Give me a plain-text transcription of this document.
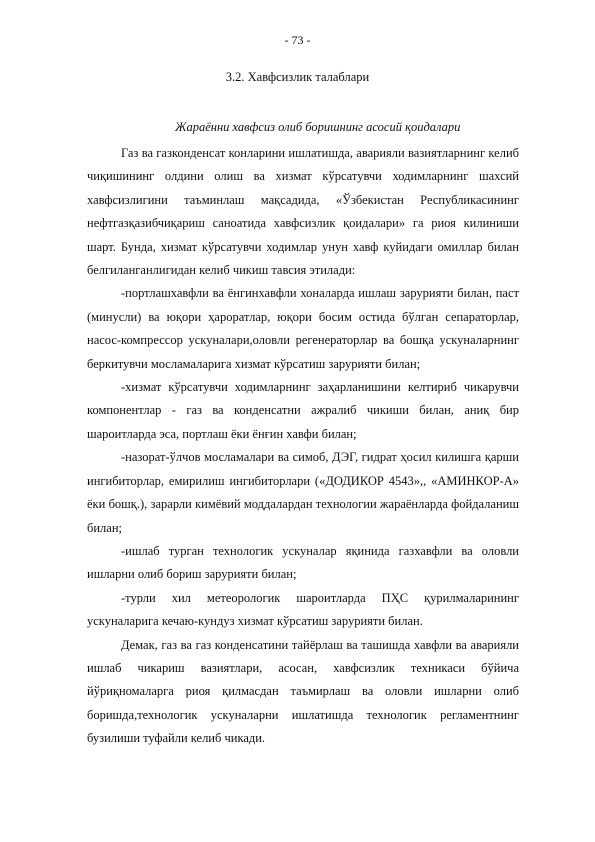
- 73 -
3.2. Хавфсизлик талаблари
Жараённи хавфсиз олиб боришнинг асосий қоидалари

Газ ва газконденсат конларини ишлатишда, аварияли вазиятларнинг келиб чиқишининг олдини олиш ва хизмат кўрсатувчи ходимларнинг шахсий хавфсизлигини таъминлаш мақсадида, «Ўзбекистан Республикасининг нефтгазқазибчиқариш саноатида хавфсизлик қоидалари» га риоя килиниши шарт. Бунда, хизмат кўрсатувчи ходимлар унун хавф куйидаги омиллар билан белгиланганлигидан келиб чикиш тавсия этилади:

-портлашхавфли ва ёнгинхавфли хоналарда ишлаш зарурияти билан, паст (минусли) ва юқори ҳароратлар, юқори босим остида бўлган сепараторлар, насос-компрессор ускуналари,оловли регенераторлар ва бошқа ускуналарнинг беркитувчи мосламаларига хизмат кўрсатиш зарурияти билан;

-хизмат кўрсатувчи ходимларнинг заҳарланишини келтириб чикарувчи компонентлар - газ ва конденсатни ажралиб чикиши билан, аниқ бир шароитларда эса, портлаш ёки ёнғин хавфи билан;

-назорат-ўлчов мосламалари ва симоб, ДЭГ, гидрат ҳосил килишга қарши ингибиторлар, емирилиш ингибиторлари («ДОДИКОР 4543»,, «АМИНКОР-А» ёки бошқ.), зарарли кимёвий моддалардан технологии жараёнларда фойдаланиш билан;

-ишлаб турган технологик ускуналар яқинида газхавфли ва оловли ишларни олиб бориш зарурияти билан;

-турли хил метеорологик шароитларда ПҲС қурилмаларининг ускуналарига кечаю-кундуз хизмат кўрсатиш зарурияти билан.

Демак, газ ва газ конденсатини тайёрлаш ва ташишда хавфли ва аварияли ишлаб чикариш вазиятлари, асосан, хавфсизлик техникаси бўйича йўриқномаларга риоя қилмасдан таъмирлаш ва оловли ишларни олиб боришда,технологик ускуналарни ишлатишда технологик регламентнинг бузилиши туфайли келиб чикади.
